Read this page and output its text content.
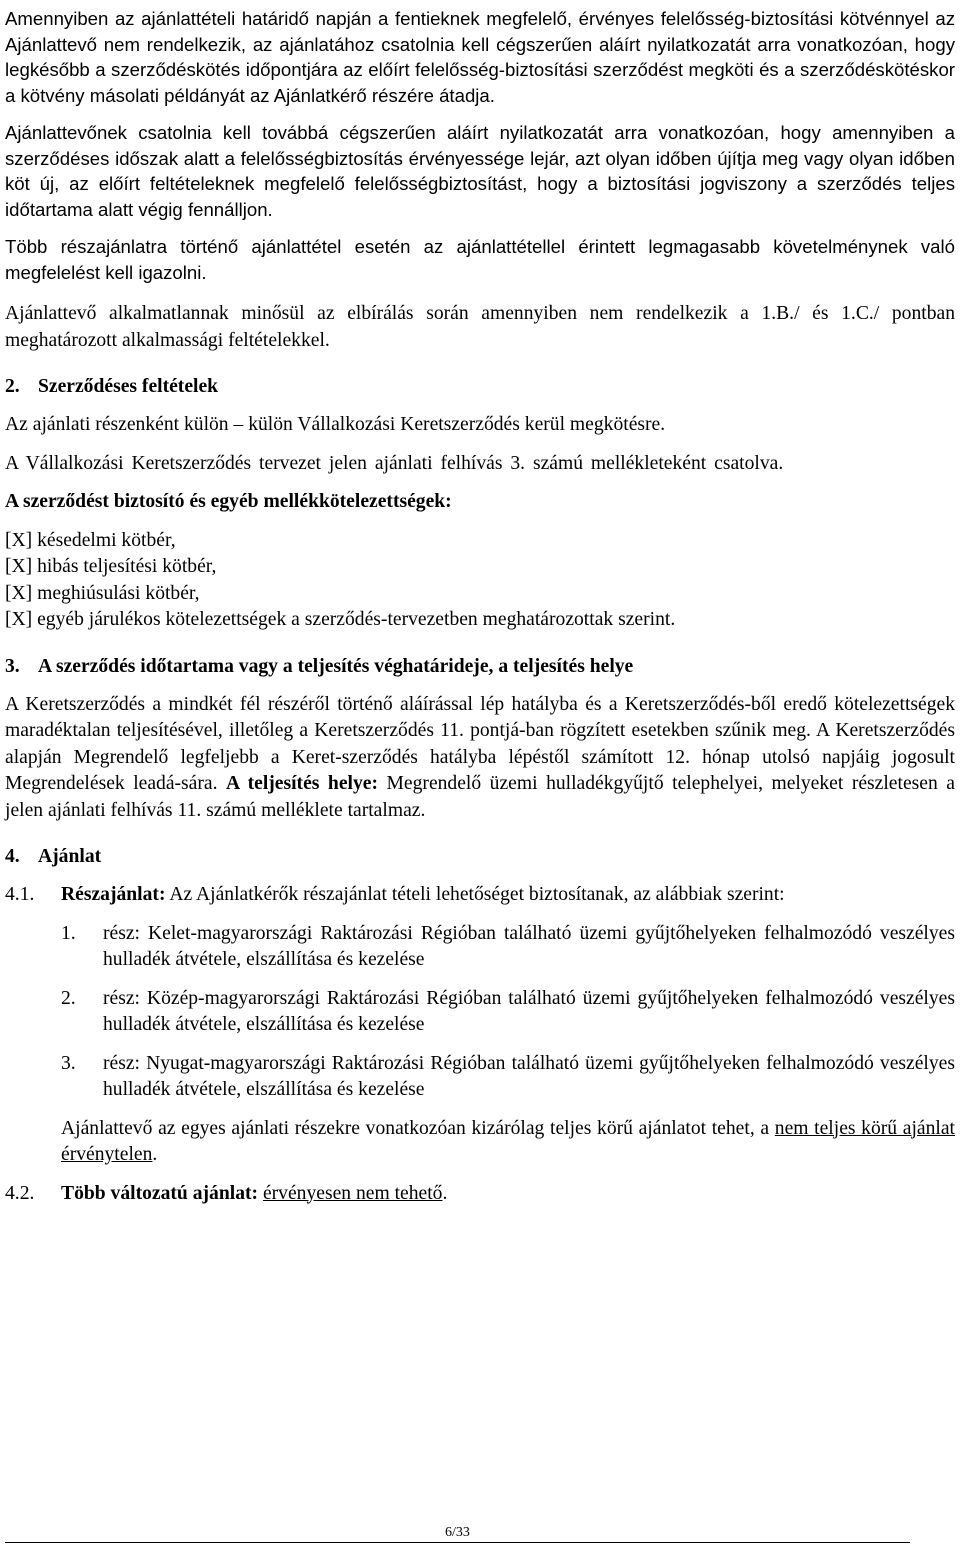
Amennyiben az ajánlattételi határidő napján a fentieknek megfelelő, érvényes felelősség-biztosítási kötvénnyel az Ajánlattevő nem rendelkezik, az ajánlatához csatolnia kell cégszerűen aláírt nyilatkozatát arra vonatkozóan, hogy legkésőbb a szerződéskötés időpontjára az előírt felelősség-biztosítási szerződést megköti és a szerződéskötéskor a kötvény másolati példányát az Ajánlatkérő részére átadja.

Ajánlattevőnek csatolnia kell továbbá cégszerűen aláírt nyilatkozatát arra vonatkozóan, hogy amennyiben a szerződéses időszak alatt a felelősségbiztosítás érvényessége lejár, azt olyan időben újítja meg vagy olyan időben köt új, az előírt feltételeknek megfelelő felelősségbiztosítást, hogy a biztosítási jogviszony a szerződés teljes időtartama alatt végig fennálljon.

Több részajánlatra történő ajánlattétel esetén az ajánlattétellel érintett legmagasabb követelménynek való megfelelést kell igazolni.

Ajánlattevő alkalmatlannak minősül az elbírálás során amennyiben nem rendelkezik a 1.B./ és 1.C./ pontban meghatározott alkalmassági feltételekkel.

2. Szerződéses feltételek

Az ajánlati részenként külön – külön Vállalkozási Keretszerződés kerül megkötésre.

A Vállalkozási Keretszerződés tervezet jelen ajánlati felhívás 3. számú mellékleteként csatolva.

A szerződést biztosító és egyéb mellékkötelezettségek:

[X] késedelmi kötbér,
[X] hibás teljesítési kötbér,
[X] meghiúsulási kötbér,
[X] egyéb járulékos kötelezettségek a szerződés-tervezetben meghatározottak szerint.
3. A szerződés időtartama vagy a teljesítés véghatárideje, a teljesítés helye

A Keretszerződés a mindkét fél részéről történő aláírással lép hatályba és a Keretszerződés-ből eredő kötelezettségek maradéktalan teljesítésével, illetőleg a Keretszerződés 11. pontjá-ban rögzített esetekben szűnik meg. A Keretszerződés alapján Megrendelő legfeljebb a Keret-szerződés hatályba lépéstől számított 12. hónap utolsó napjáig jogosult Megrendelések leadá-sára. A teljesítés helye: Megrendelő üzemi hulladékgyűjtő telephelyei, melyeket részletesen a jelen ajánlati felhívás 11. számú melléklete tartalmaz.

4. Ajánlat
4.1.	Részajánlat: Az Ajánlatkérők részajánlat tételi lehetőséget biztosítanak, az alábbiak szerint:
1.	rész: Kelet-magyarországi Raktározási Régióban található üzemi gyűjtőhelyeken felhalmozódó veszélyes hulladék átvétele, elszállítása és kezelése
2.	rész: Közép-magyarországi Raktározási Régióban található üzemi gyűjtőhelyeken felhalmozódó veszélyes hulladék átvétele, elszállítása és kezelése
3.	rész: Nyugat-magyarországi Raktározási Régióban található üzemi gyűjtőhelyeken felhalmozódó veszélyes hulladék átvétele, elszállítása és kezelése

Ajánlattevő az egyes ajánlati részekre vonatkozóan kizárólag teljes körű ajánlatot tehet, a nem teljes körű ajánlat érvénytelen.

4.2.	Több változatú ajánlat: érvényesen nem tehető.
6/33
